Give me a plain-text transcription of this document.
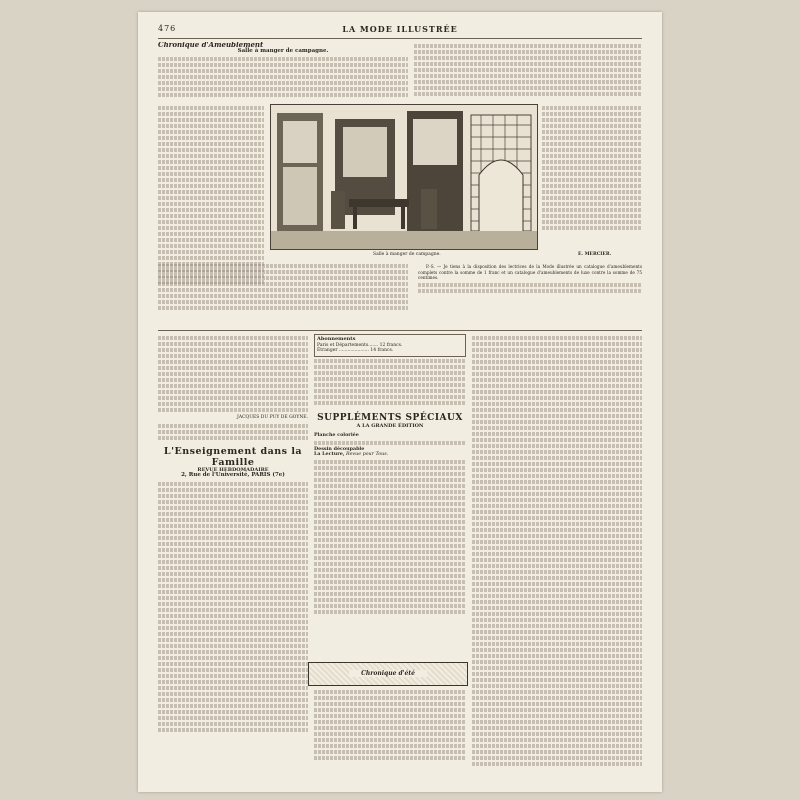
476	LA MODE ILLUSTRÉE
Chronique d'Ameublement
Salle à manger de campagne.
Salle à manger de campagne.	E. MERCIER.

P.-S. — Je tiens à la disposition des lectrices de la Mode illustrée un catalogue d'ameublements complets contre la somme de 1 franc et un catalogue d'ameublements de luxe contre la somme de 75 centimes.

JACQUES DU PUY DE GOYNE.
L'Enseignement dans la Famille
REVUE HEBDOMADAIRE
2, Rue de l'Université, PARIS (7e)
Abonnements
Paris et Départements....... 12 francs.
Étranger ..................... 14 francs.
SUPPLÉMENTS SPÉCIAUX
A LA GRANDE ÉDITION
Planche coloriée
Dessin découpable
La Lecture, Revue pour Tous.
Chronique d'été
